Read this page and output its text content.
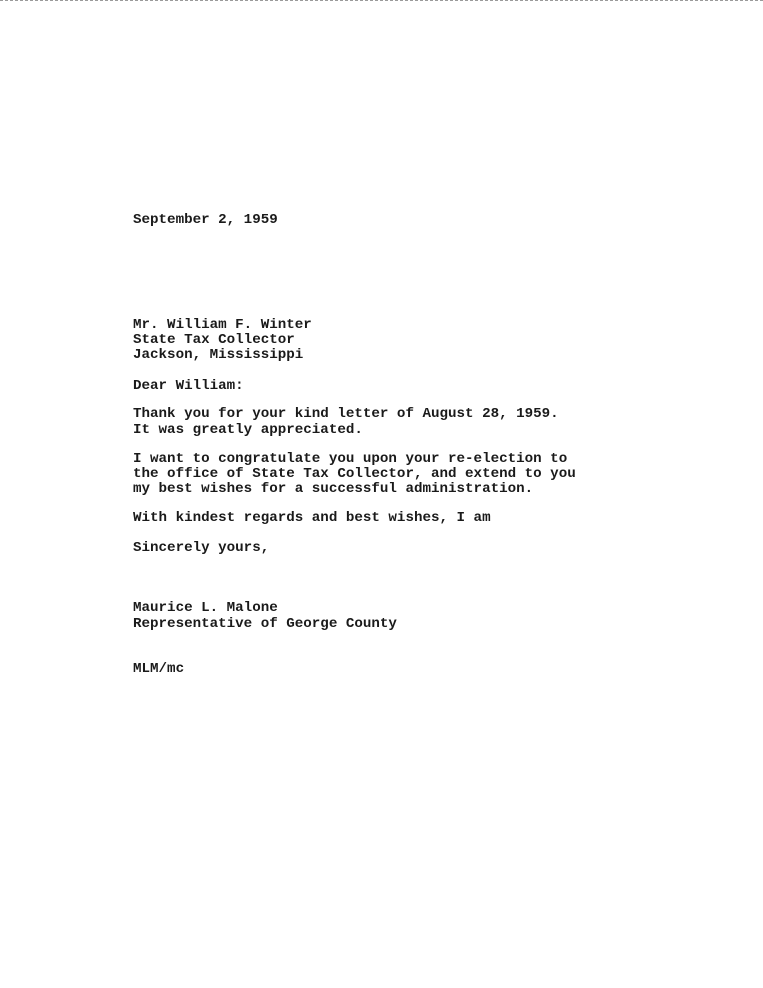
September 2, 1959
Mr. William F. Winter
State Tax Collector
Jackson, Mississippi
Dear William:
Thank you for your kind letter of August 28, 1959.
It was greatly appreciated.
I want to congratulate you upon your re-election to
the office of State Tax Collector, and extend to you
my best wishes for a successful administration.
With kindest regards and best wishes, I am
Sincerely yours,
Maurice L. Malone
Representative of George County
MLM/mc
